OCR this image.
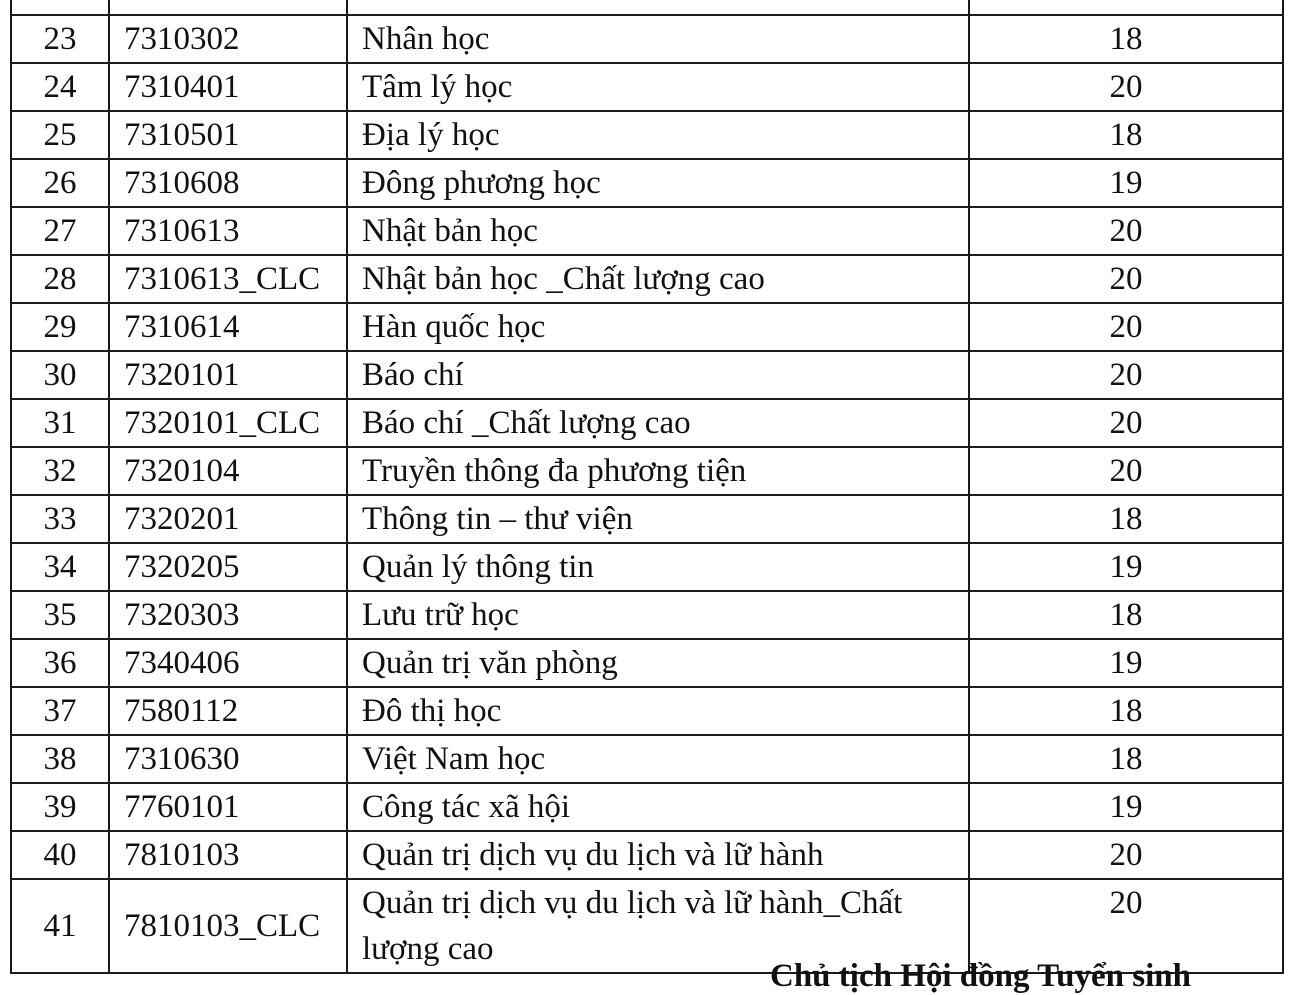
23	7310302	Nhân học	18
24	7310401	Tâm lý học	20
25	7310501	Địa lý học	18
26	7310608	Đông phương học	19
27	7310613	Nhật bản học	20
28	7310613_CLC	Nhật bản học _Chất lượng cao	20
29	7310614	Hàn quốc học	20
30	7320101	Báo chí	20
31	7320101_CLC	Báo chí _Chất lượng cao	20
32	7320104	Truyền thông đa phương tiện	20
33	7320201	Thông tin – thư viện	18
34	7320205	Quản lý thông tin	19
35	7320303	Lưu trữ học	18
36	7340406	Quản trị văn phòng	19
37	7580112	Đô thị học	18
38	7310630	Việt Nam học	18
39	7760101	Công tác xã hội	19
40	7810103	Quản trị dịch vụ du lịch và lữ hành	20
41	7810103_CLC	Quản trị dịch vụ du lịch và lữ hành_Chất lượng cao	20
Chủ tịch Hội đồng Tuyển sinh
